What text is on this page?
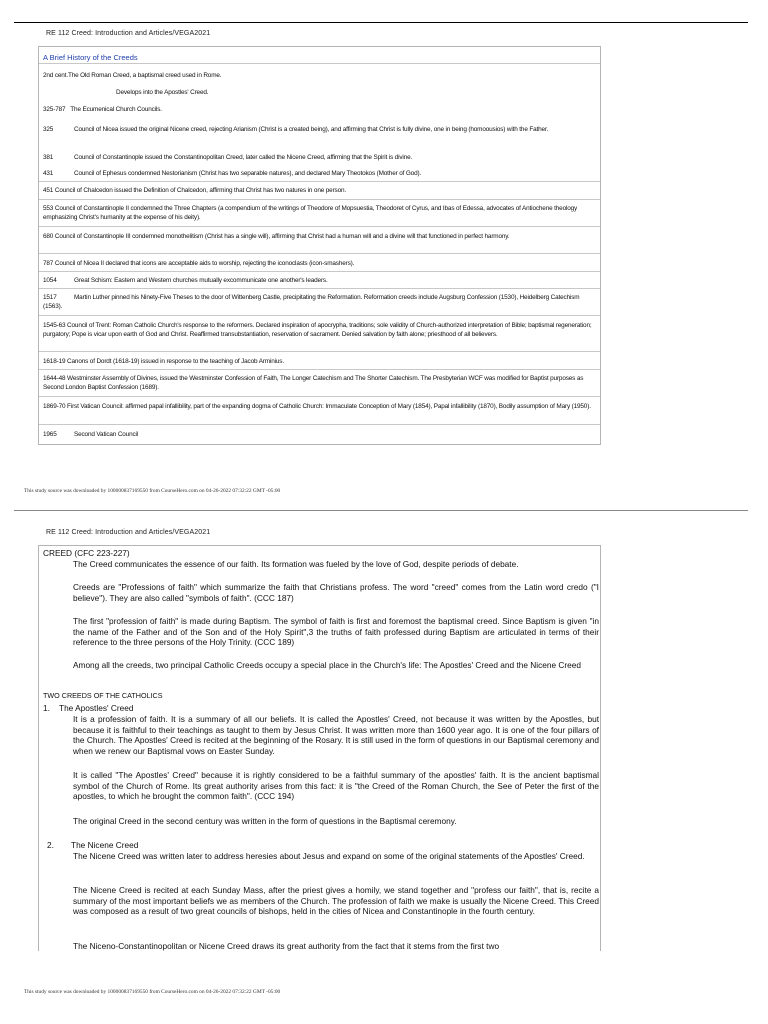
RE 112 Creed: Introduction and Articles/VEGA2021
A Brief History of the Creeds
2nd cent.The Old Roman Creed, a baptismal creed used in Rome.
Develops into the Apostles' Creed.
325-787 The Ecumenical Church Councils.
325	Council of Nicea issued the original Nicene creed, rejecting Arianism (Christ is a created being), and affirming that Christ is fully divine, one in being (homoousios) with the Father.
381	Council of Constantinople issued the Constantinopolitan Creed, later called the Nicene Creed, affirming that the Spirit is divine.
431	Council of Ephesus condemned Nestorianism (Christ has two separable natures), and declared Mary Theotokos (Mother of God).
451 Council of Chalcedon issued the Definition of Chalcedon, affirming that Christ has two natures in one person.
553 Council of Constantinople II condemned the Three Chapters (a compendium of the writings of Theodore of Mopsuestia, Theodoret of Cyrus, and Ibas of Edessa, advocates of Antiochene theology emphasizing Christ's humanity at the expense of his deity).
680 Council of Constantinople III condemned monothelitism (Christ has a single will), affirming that Christ had a human will and a divine will that functioned in perfect harmony.
787 Council of Nicea II declared that icons are acceptable aids to worship, rejecting the iconoclasts (icon-smashers).
1054	Great Schism: Eastern and Western churches mutually excommunicate one another's leaders.
1517	Martin Luther pinned his Ninety-Five Theses to the door of Wittenberg Castle, precipitating the Reformation. Reformation creeds include Augsburg Confession (1530), Heidelberg Catechism (1563).
1545-63 Council of Trent: Roman Catholic Church's response to the reformers. Declared inspiration of apocrypha, traditions; sole validity of Church-authorized interpretation of Bible; baptismal regeneration; purgatory; Pope is vicar upon earth of God and Christ. Reaffirmed transubstantiation, reservation of sacrament. Denied salvation by faith alone; priesthood of all believers.
1618-19 Canons of Dordt (1618-19) issued in response to the teaching of Jacob Arminius.
1644-48 Westminster Assembly of Divines, issued the Westminster Confession of Faith, The Longer Catechism and The Shorter Catechism. The Presbyterian WCF was modified for Baptist purposes as Second London Baptist Confession (1689).
1869-70 First Vatican Council: affirmed papal infallibility, part of the expanding dogma of Catholic Church: Immaculate Conception of Mary (1854), Papal infallibility (1870), Bodily assumption of Mary (1950).
1965	Second Vatican Council
This study source was downloaded by 100000837169550 from CourseHero.com on 04-26-2022 07:32:22 GMT -05:00
RE 112 Creed: Introduction and Articles/VEGA2021
CREED (CFC 223-227)
The Creed communicates the essence of our faith. Its formation was fueled by the love of God, despite periods of debate.
Creeds are "Professions of faith" which summarize the faith that Christians profess. The word "creed" comes from the Latin word credo ("I believe"). They are also called "symbols of faith". (CCC 187)
The first "profession of faith" is made during Baptism. The symbol of faith is first and foremost the baptismal creed. Since Baptism is given "in the name of the Father and of the Son and of the Holy Spirit",3 the truths of faith professed during Baptism are articulated in terms of their reference to the three persons of the Holy Trinity. (CCC 189)
Among all the creeds, two principal Catholic Creeds occupy a special place in the Church's life: The Apostles' Creed and the Nicene Creed
TWO CREEDS OF THE CATHOLICS
1. The Apostles' Creed
It is a profession of faith. It is a summary of all our beliefs. It is called the Apostles' Creed, not because it was written by the Apostles, but because it is faithful to their teachings as taught to them by Jesus Christ. It was written more than 1600 year ago. It is one of the four pillars of the Church. The Apostles' Creed is recited at the beginning of the Rosary. It is still used in the form of questions in our Baptismal ceremony and when we renew our Baptismal vows on Easter Sunday.
It is called "The Apostles' Creed" because it is rightly considered to be a faithful summary of the apostles' faith. It is the ancient baptismal symbol of the Church of Rome. Its great authority arises from this fact: it is "the Creed of the Roman Church, the See of Peter the first of the apostles, to which he brought the common faith". (CCC 194)
The original Creed in the second century was written in the form of questions in the Baptismal ceremony.
2. The Nicene Creed
The Nicene Creed was written later to address heresies about Jesus and expand on some of the original statements of the Apostles' Creed.
The Nicene Creed is recited at each Sunday Mass, after the priest gives a homily, we stand together and "profess our faith", that is, recite a summary of the most important beliefs we as members of the Church. The profession of faith we make is usually the Nicene Creed. This Creed was composed as a result of two great councils of bishops, held in the cities of Nicea and Constantinople in the fourth century.
The Niceno-Constantinopolitan or Nicene Creed draws its great authority from the fact that it stems from the first two
This study source was downloaded by 100000837169550 from CourseHero.com on 04-26-2022 07:32:22 GMT -05:00
